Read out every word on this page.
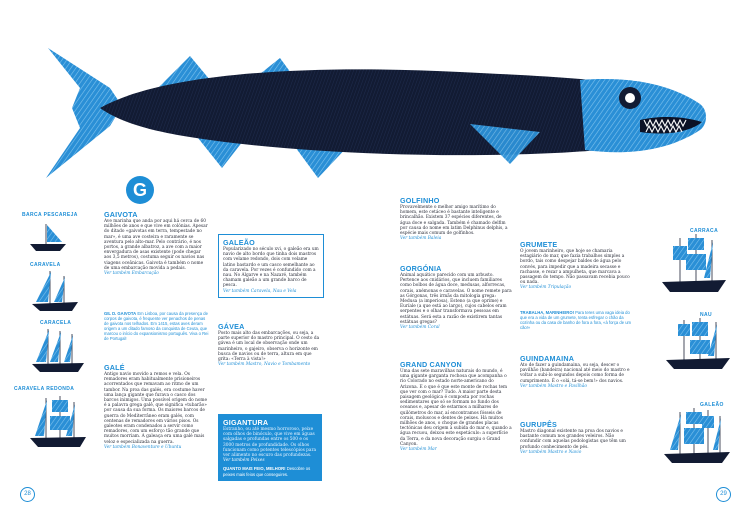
G
BARCA PESCAREJA
CARAVELA
CARACELA
CARAVELA REDONDA
CARRACA
NAU
GALEÃO
GAIVOTA
Ave marinha que anda por aqui há cerca de 60 milhões de anos e que vive em colónias. Apesar do ditado «gaivotas em terra, tempestade no mar», é uma ave costeira e raramente se aventura pelo alto-mar. Pelo contrário, é nos portos, a grande albatroz, a ave com a maior envergadura de asas existente (pode chegar aos 3,5 metros), costuma seguir os navios nas viagens oceânicas. Gaivota é também o nome de uma embarcação movida a pedais.
Ver também Embarcação
GIL D. GAIVOTA Em Lisboa, por causa da presença de corpos de gaivota, é frequente ver penachos de penas de gaivota nos telhados. Em 1415, estas aves deram origem a um ditado famoso da conquista de Ceuta, que marcou o início do expansionismo português. Viva o Rei de Portugal!
GALÉ
Antigo navio movido a remos e vela. Os remadores eram habitualmente prisioneiros acorrentados que remavam ao ritmo de um tambor. Na proa das galés, era costume haver uma lança gigante que furava o casco dos barcos inimigos. Uma possível origem do nome é a palavra grega galê, que significa «tubarão» por causa da sua forma. Os maiores barcos de guerra do Mediterrâneo eram galés, com centenas de remadores em vários pisos. Os galeotes eram condenados a servir como remadores, com um esforço tão grande que muitos morriam. A galeaça era uma galé mais veloz e especializada na guerra.
Ver também Bonaventure e Ubuntu
GALEÃO
Popularizado no século xvi, o galeão era um navio de alto bordo que tinha dois mastros com velame redondo, dois com velame latino bastardo e um casco semelhante ao da caravela. Por vezes é confundido com a nau. No Algarve e na Nazaré, também chamam galeão a um grande barco de pesca.
Ver também Caravela, Nau e Vela
GÁVEA
Posto mais alto das embarcações, ou seja, a parte superior do mastro principal. O cesto da gávea é um local de observação onde um marinheiro, o gajeiro, observa o horizonte em busca de navios ou de terra, altura em que grita: «Terra à vista!»
Ver também Mastro, Navio e Tombamento
GIGANTURA
Estranho, ou até mesmo horroroso, peixe com olhos de binóculo, que vive em águas salgadas e profundas entre os 500 e os 3000 metros de profundidade. Os olhos funcionam como potentes telescópios para ver alimento no escuro das profundezas.
Ver também Peixes
QUANTO MAIS FEIO, MELHOR! Descobre os peixes mais feios que conseguires.
GOLFINHO
Provavelmente o melhor amigo marítimo do homem, este cetáceo é bastante inteligente e brincalhão. Existem 37 espécies diferentes, de água doce e salgada. Também é chamado delfim por causa do nome em latim Delphinus delphis, a espécie mais comum de golfinhos.
Ver também Baleia
GORGÓNIA
Animal aquático parecido com um arbusto. Pertence aos cnidários, que incluem familiares como bolbos de água doce, medusas, alforrecas, corais, anémonas e caravelas. O nome remete para as Górgonas, três irmãs da mitologia grega: Medusa (a imperiosa), Esteno (a que oprime) e Euríale (a que está ao largo), cujos cabelos eram serpentes e o olhar transformava pessoas em estátuas. Será esta a razão de existirem tantas estátuas gregas?
Ver também Coral
GRAND CANYON
Uma das sete maravilhas naturais do mundo, é uma gigante garganta rochosa que acompanha o rio Colorado no estado norte-americano do Arizona. E o que é que este monte de rochas tem que ver com o mar? Tudo. A maior parte desta paisagem geológica é composta por rochas sedimentares que só se formam no fundo dos oceanos e, apesar de estarmos a milhares de quilómetros do mar, aí encontramos fósseis de corais, moluscos e dentes de peixes. Há muitos milhões de anos, o choque de grandes placas tectónicas deu origem à subida do mar e, quando a água recuou, deixou este espetáculo: a superfície da Terra, e da nova decoração surgiu o Grand Canyon.
Ver também Mar
GRUMETE
O jovem marinheiro, que hoje se chamaria estagiário do mar, que fazia trabalhos simples a bordo, tais como despejar baldes de água pelo convés, para impedir que a madeira secasse e rachasse, e rezar a ampulheta, que marcava a passagem do tempo. Não passavam recebia pouco ou nada.
Ver também Tripulação
TRABALHA, MARINHEIRO! Para teres uma vaga ideia do que era a vida de um grumete, tenta esfregar o chão da cozinha ou da casa de banho de fora a fora, «à força de um cão!»
GUINDAMAINA
Ato de fazer a guindamaina, ou seja, descer o pavilhão (bandeira) nacional até meio do mastro e voltar a subi-lo segundos depois como forma de cumprimento. É o «olá, tá-se bem!» dos navios.
Ver também Mastro e Pavilhão
GURUPÊS
Mastro diagonal existente na proa dos navios e bastante comum nos grandes veleiros. Não confundir com aquelas podologistas que têm um profundo conhecimento de pés.
Ver também Mastro e Navio
28	29
